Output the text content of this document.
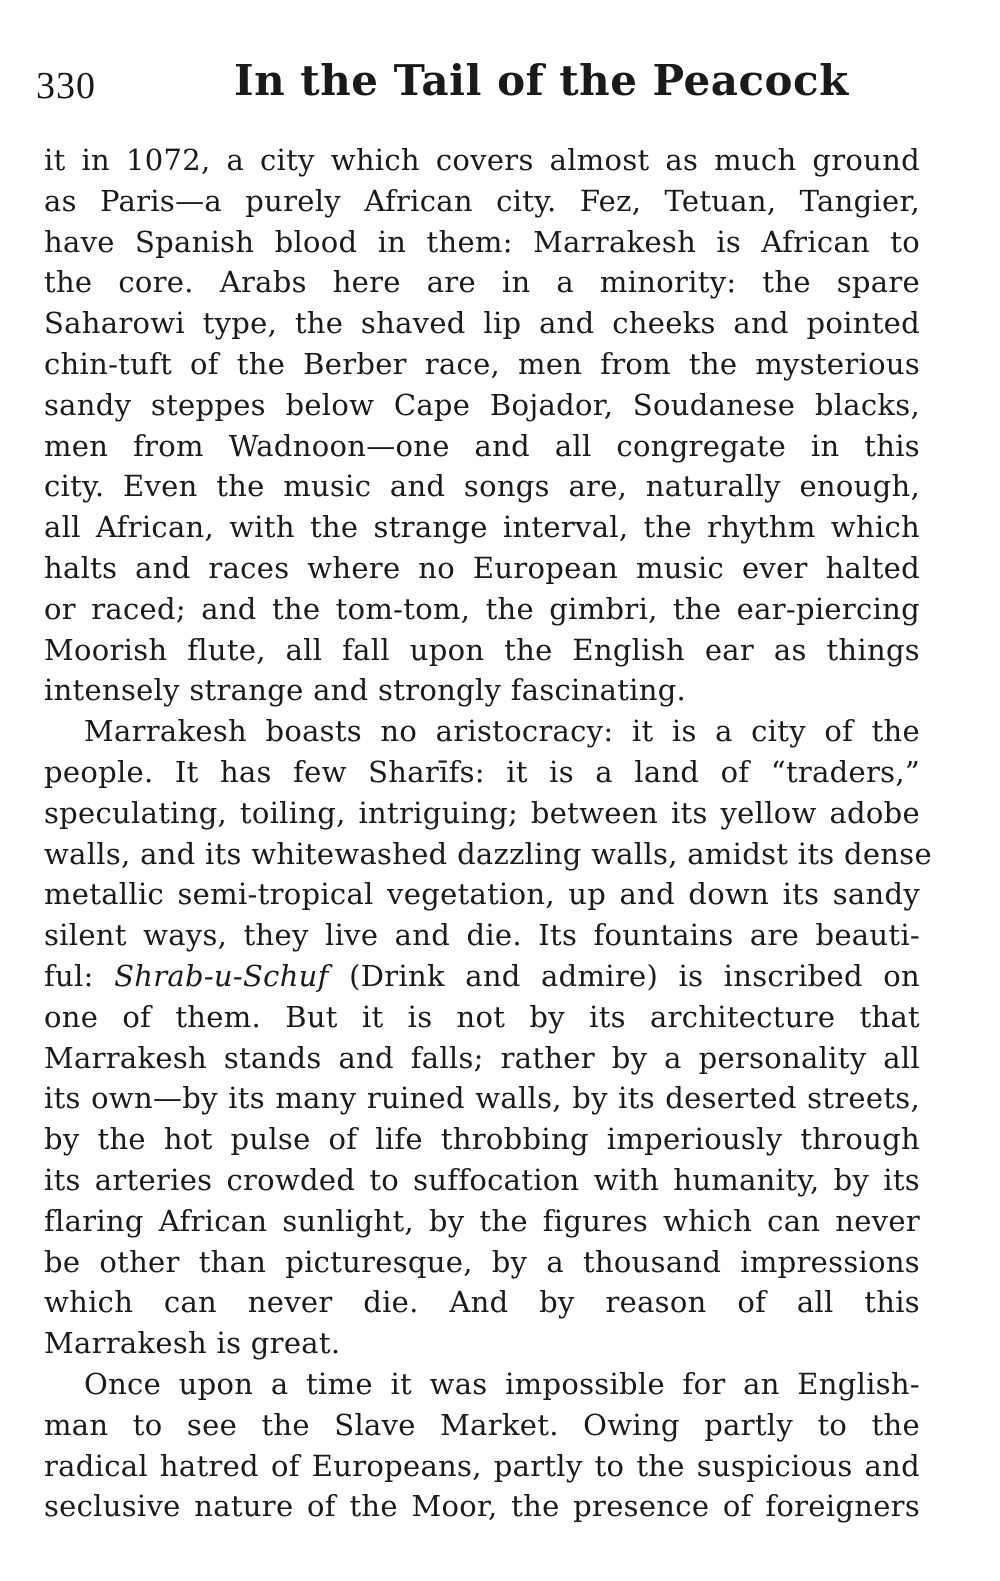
330	In the Tail of the Peacock
it in 1072, a city which covers almost as much ground
as Paris—a purely African city. Fez, Tetuan, Tangier,
have Spanish blood in them: Marrakesh is African to
the core. Arabs here are in a minority: the spare
Saharowi type, the shaved lip and cheeks and pointed
chin-tuft of the Berber race, men from the mysterious
sandy steppes below Cape Bojador, Soudanese blacks,
men from Wadnoon—one and all congregate in this
city. Even the music and songs are, naturally enough,
all African, with the strange interval, the rhythm which
halts and races where no European music ever halted
or raced; and the tom-tom, the gimbri, the ear-piercing
Moorish flute, all fall upon the English ear as things
intensely strange and strongly fascinating.
Marrakesh boasts no aristocracy: it is a city of the
people. It has few Sharīfs: it is a land of “traders,”
speculating, toiling, intriguing; between its yellow adobe
walls, and its whitewashed dazzling walls, amidst its dense
metallic semi-tropical vegetation, up and down its sandy
silent ways, they live and die. Its fountains are beauti-
ful: Shrab-u-Schuf (Drink and admire) is inscribed on
one of them. But it is not by its architecture that
Marrakesh stands and falls; rather by a personality all
its own—by its many ruined walls, by its deserted streets,
by the hot pulse of life throbbing imperiously through
its arteries crowded to suffocation with humanity, by its
flaring African sunlight, by the figures which can never
be other than picturesque, by a thousand impressions
which can never die. And by reason of all this
Marrakesh is great.
Once upon a time it was impossible for an English-
man to see the Slave Market. Owing partly to the
radical hatred of Europeans, partly to the suspicious and
seclusive nature of the Moor, the presence of foreigners
